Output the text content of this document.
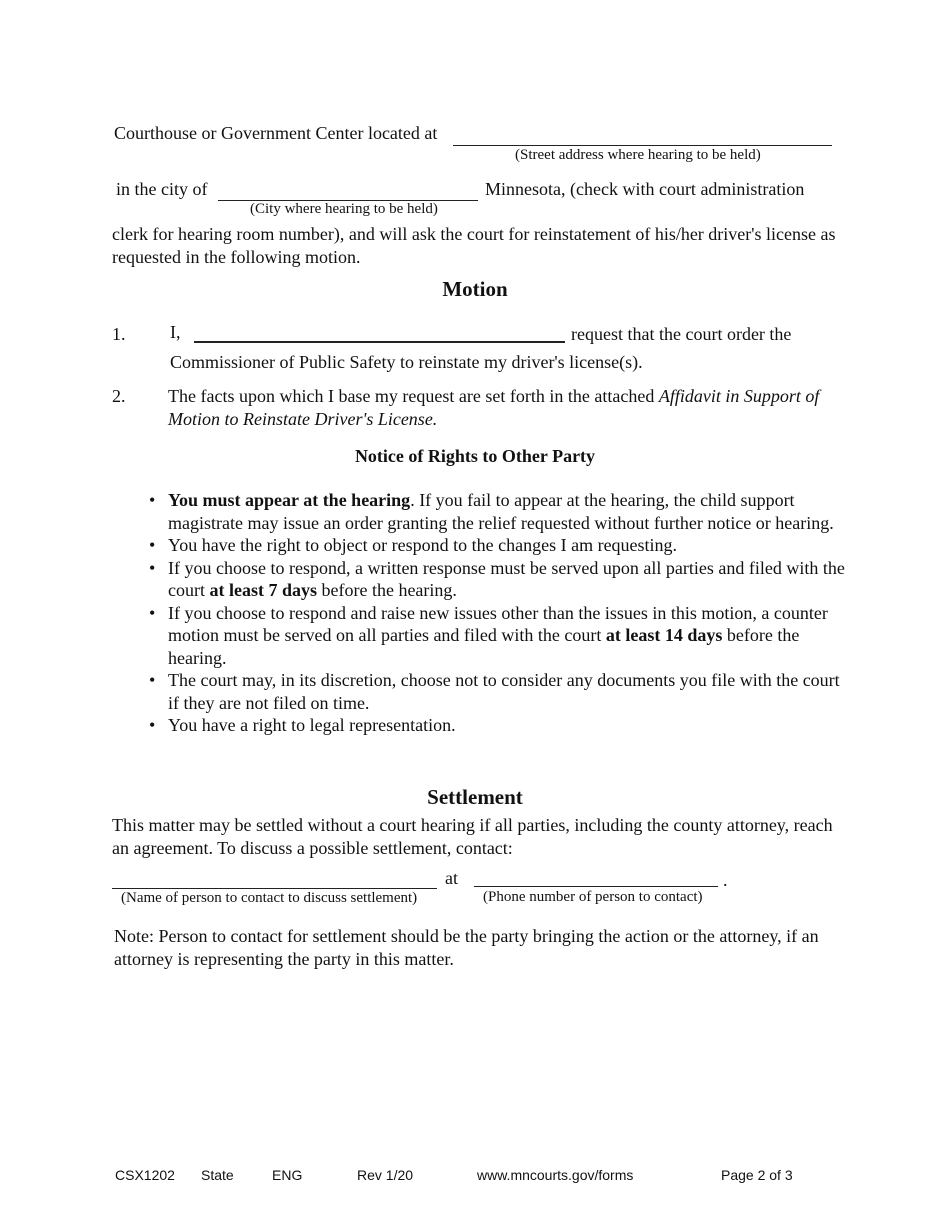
Courthouse or Government Center located at
(Street address where hearing to be held)
in the city of	Minnesota, (check with court administration
(City where hearing to be held)
clerk for hearing room number), and will ask the court for reinstatement of his/her driver's license as requested in the following motion.
Motion
1. I,	request that the court order the
Commissioner of Public Safety to reinstate my driver's license(s).
2. The facts upon which I base my request are set forth in the attached Affidavit in Support of Motion to Reinstate Driver's License.
Notice of Rights to Other Party
• You must appear at the hearing. If you fail to appear at the hearing, the child support magistrate may issue an order granting the relief requested without further notice or hearing.
• You have the right to object or respond to the changes I am requesting.
• If you choose to respond, a written response must be served upon all parties and filed with the court at least 7 days before the hearing.
• If you choose to respond and raise new issues other than the issues in this motion, a counter motion must be served on all parties and filed with the court at least 14 days before the hearing.
• The court may, in its discretion, choose not to consider any documents you file with the court if they are not filed on time.
• You have a right to legal representation.
Settlement
This matter may be settled without a court hearing if all parties, including the county attorney, reach an agreement. To discuss a possible settlement, contact:
at	.
(Name of person to contact to discuss settlement)	(Phone number of person to contact)
Note: Person to contact for settlement should be the party bringing the action or the attorney, if an attorney is representing the party in this matter.
CSX1202 State	ENG	Rev 1/20	www.mncourts.gov/forms	Page 2 of 3
